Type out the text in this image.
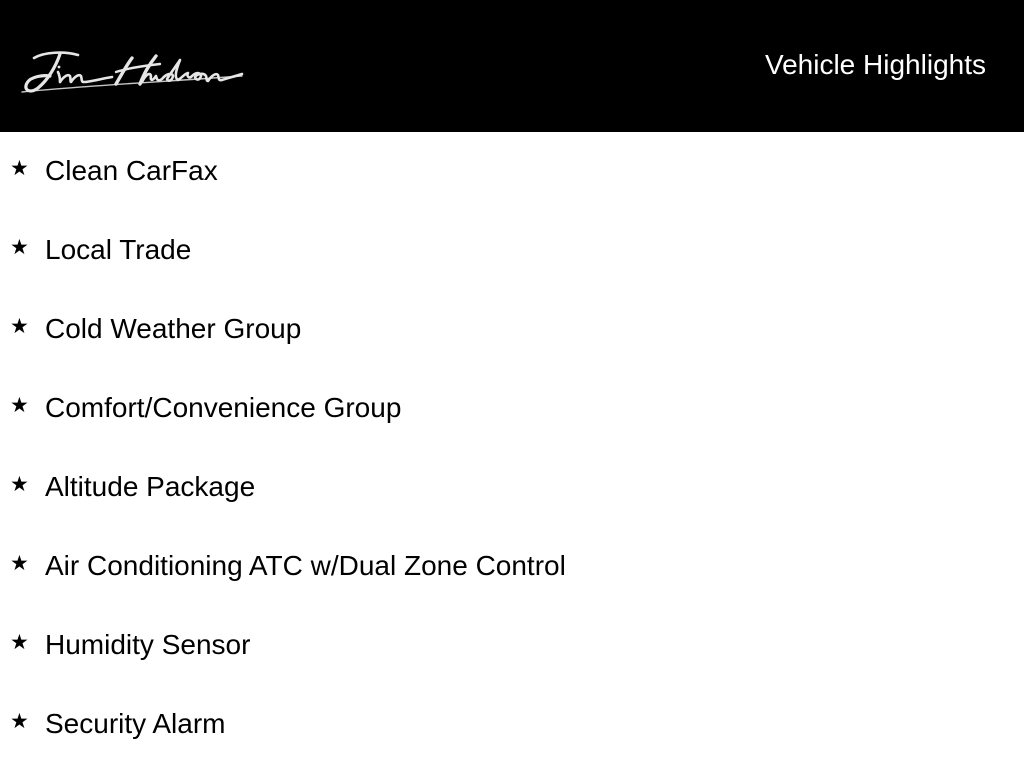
Vehicle Highlights
★ Clean CarFax
★ Local Trade
★ Cold Weather Group
★ Comfort/Convenience Group
★ Altitude Package
★ Air Conditioning ATC w/Dual Zone Control
★ Humidity Sensor
★ Security Alarm
